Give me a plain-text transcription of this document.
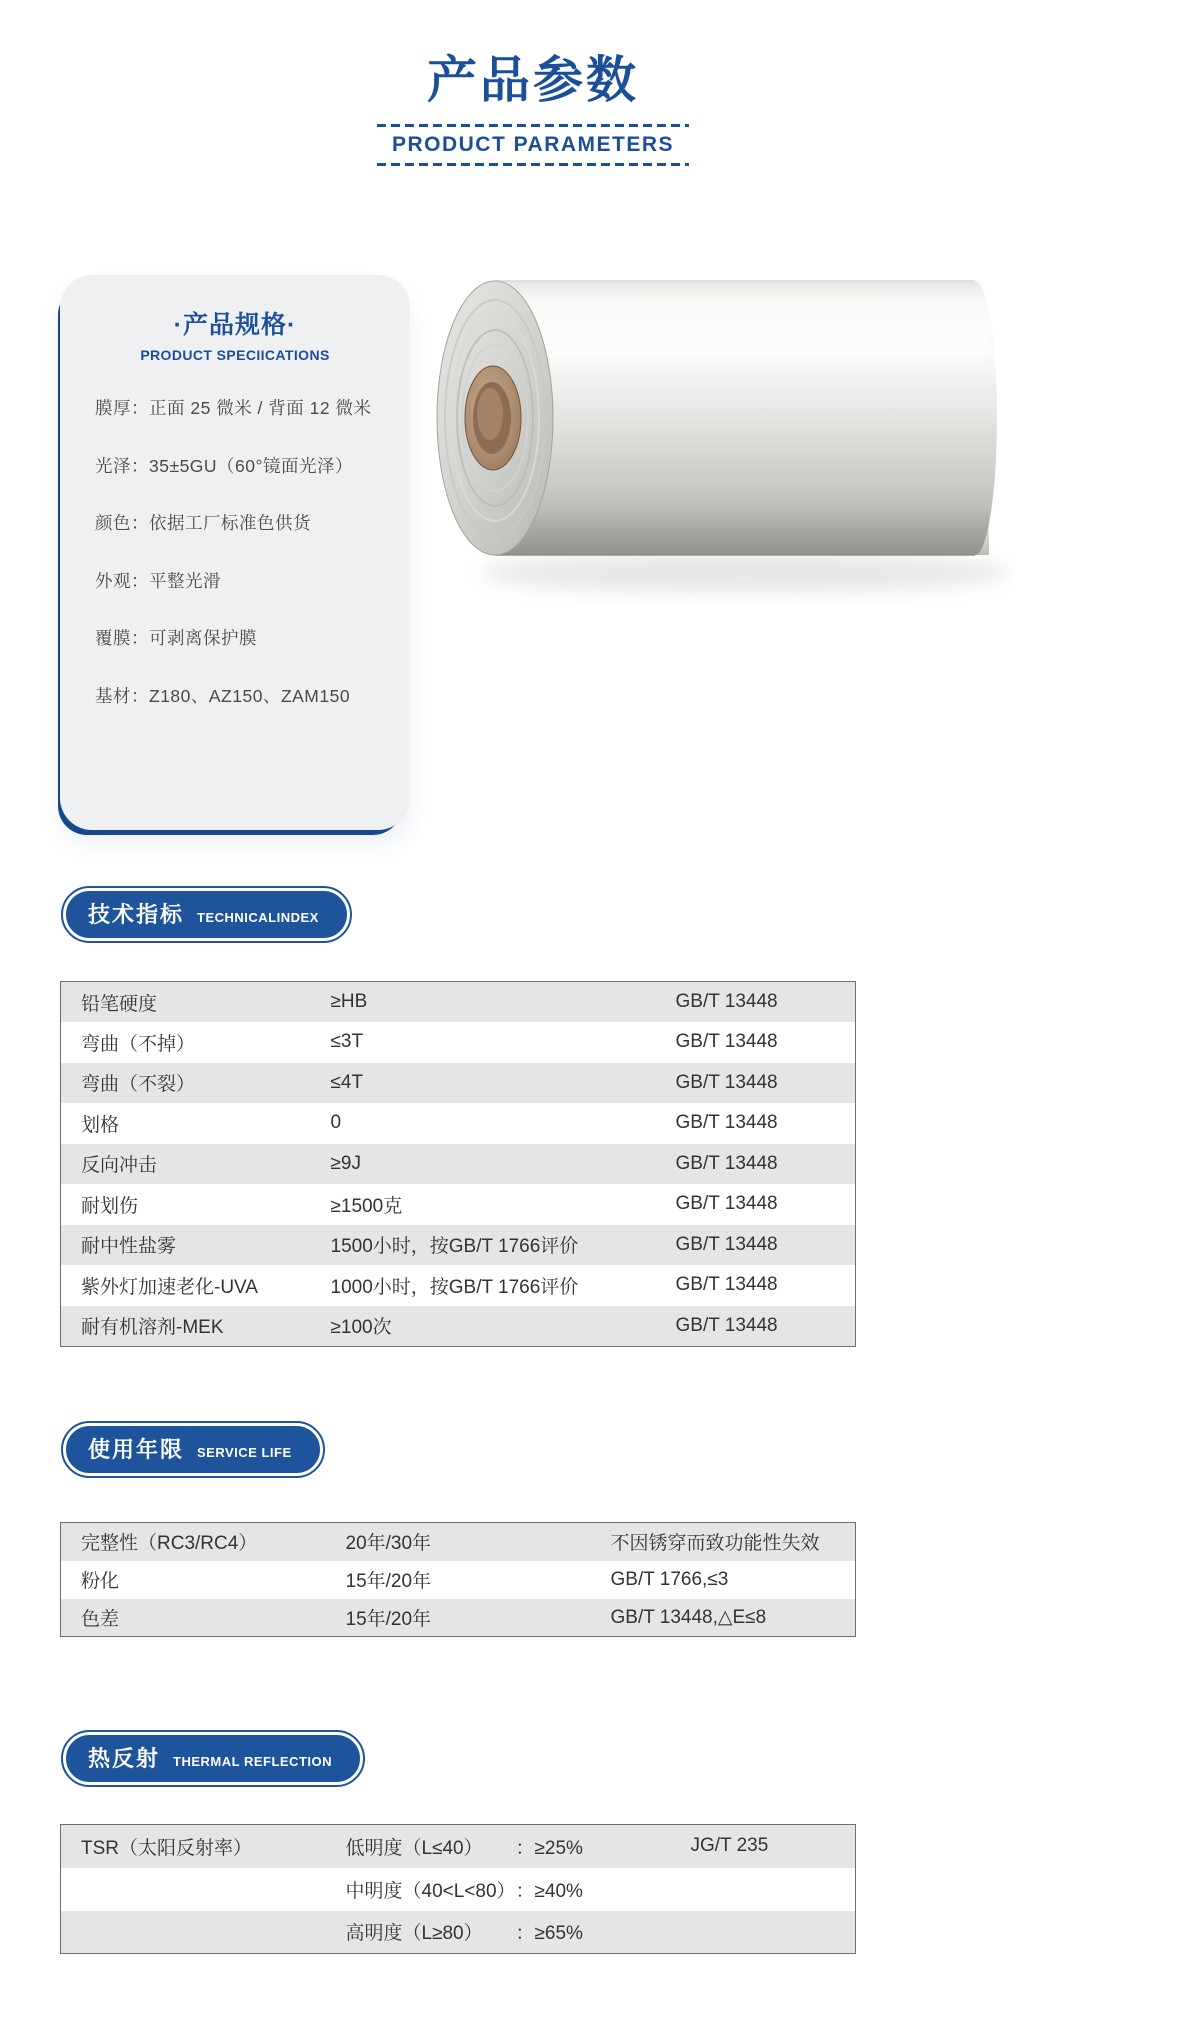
产品参数
PRODUCT PARAMETERS
·产品规格·
PRODUCT SPECIICATIONS
膜厚：正面 25 微米 / 背面 12 微米
光泽：35±5GU（60°镜面光泽）
颜色：依据工厂标准色供货
外观：平整光滑
覆膜：可剥离保护膜
基材：Z180、AZ150、ZAM150
技术指标 TECHNICALINDEX
铅笔硬度	≥HB	GB/T 13448
弯曲（不掉）	≤3T	GB/T 13448
弯曲（不裂）	≤4T	GB/T 13448
划格	0	GB/T 13448
反向冲击	≥9J	GB/T 13448
耐划伤	≥1500克	GB/T 13448
耐中性盐雾	1500小时，按GB/T 1766评价	GB/T 13448
紫外灯加速老化-UVA	1000小时，按GB/T 1766评价	GB/T 13448
耐有机溶剂-MEK	≥100次	GB/T 13448
使用年限 SERVICE LIFE
完整性（RC3/RC4）	20年/30年	不因锈穿而致功能性失效
粉化	15年/20年	GB/T 1766,≤3
色差	15年/20年	GB/T 13448,△E≤8
热反射 THERMAL REFLECTION
TSR（太阳反射率）	低明度（L≤40）	：≥25%	JG/T 235
	中明度（40<L<80）	：≥40%	
	高明度（L≥80）	：≥65%	
